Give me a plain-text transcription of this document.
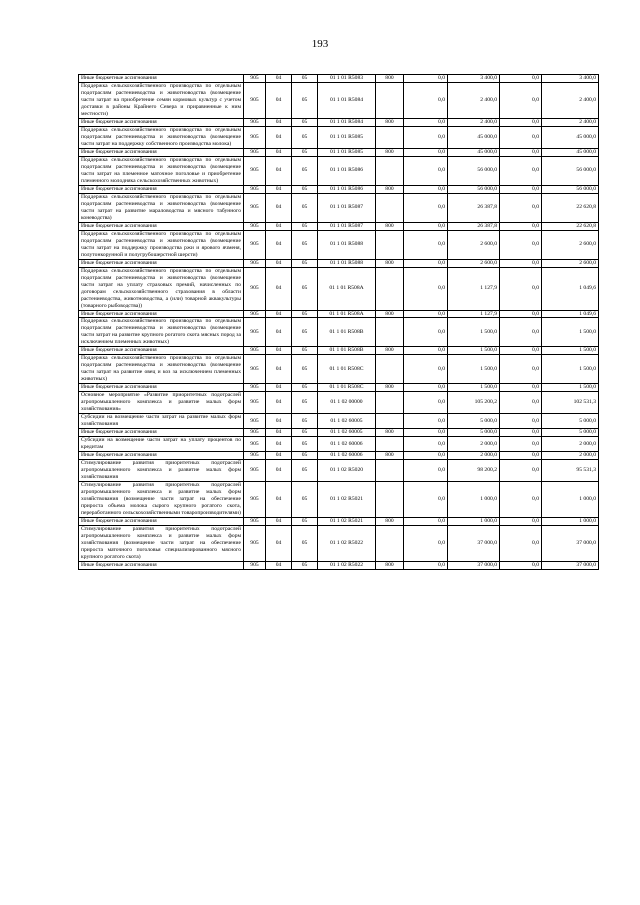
193
Иные бюджетные ассигнования	905	04	05	01 1 01 R5083	800	0,0	3 400,0	0,0	3 400,0
Поддержка сельскохозяйственного производства по отдельным подотраслям растениеводства и животноводства (возмещение части затрат на приобретение семян кормовых культур с учетом доставки в районы Крайнего Севера и приравненные к ним местности)	905	04	05	01 1 01 R5084		0,0	2 400,0	0,0	2 400,0
Иные бюджетные ассигнования	905	04	05	01 1 01 R5084	800	0,0	2 400,0	0,0	2 400,0
Поддержка сельскохозяйственного производства по отдельным подотраслям растениеводства и животноводства (возмещение части затрат на поддержку собственного производства молока)	905	04	05	01 1 01 R5085		0,0	45 000,0	0,0	45 000,0
Иные бюджетные ассигнования	905	04	05	01 1 01 R5085	800	0,0	45 000,0	0,0	45 000,0
Поддержка сельскохозяйственного производства по отдельным подотраслям растениеводства и животноводства (возмещение части затрат на племенное маточное поголовье и приобретение племенного молодняка сельскохозяйственных животных)	905	04	05	01 1 01 R5086		0,0	56 000,0	0,0	56 000,0
Иные бюджетные ассигнования	905	04	05	01 1 01 R5086	800	0,0	56 000,0	0,0	56 000,0
Поддержка сельскохозяйственного производства по отдельным подотраслям растениеводства и животноводства (возмещение части затрат на развитие мараловодства и мясного табунного коневодства)	905	04	05	01 1 01 R5087		0,0	26 387,8	0,0	22 620,8
Иные бюджетные ассигнования	905	04	05	01 1 01 R5087	800	0,0	26 387,8	0,0	22 620,8
Поддержка сельскохозяйственного производства по отдельным подотраслям растениеводства и животноводства (возмещение части затрат на поддержку производства ржи и ярового ячменя, полутонкорунной и полугрубошерстной шерсти)	905	04	05	01 1 01 R5088		0,0	2 600,0	0,0	2 600,0
Иные бюджетные ассигнования	905	04	05	01 1 01 R5088	800	0,0	2 600,0	0,0	2 600,0
Поддержка сельскохозяйственного производства по отдельным подотраслям растениеводства и животноводства (возмещение части затрат на уплату страховых премий, начисленных по договорам сельскохозяйственного страхования в области растениеводства, животноводства, а (или) товарной аквакультуры (товарного рыбоводства))	905	04	05	01 1 01 R508A		0,0	1 127,9	0,0	1 049,6
Иные бюджетные ассигнования	905	04	05	01 1 01 R508A	800	0,0	1 127,9	0,0	1 049,6
Поддержка сельскохозяйственного производства по отдельным подотраслям растениеводства и животноводства (возмещение части затрат на развитие крупного рогатого скота мясных пород за исключением племенных животных)	905	04	05	01 1 01 R508B		0,0	1 500,0	0,0	1 500,0
Иные бюджетные ассигнования	905	04	05	01 1 01 R508B	800	0,0	1 500,0	0,0	1 500,0
Поддержка сельскохозяйственного производства по отдельным подотраслям растениеводства и животноводства (возмещение части затрат на развитие овец и коз за исключением племенных животных)	905	04	05	01 1 01 R508C		0,0	1 500,0	0,0	1 500,0
Иные бюджетные ассигнования	905	04	05	01 1 01 R508C	800	0,0	1 500,0	0,0	1 500,0
Основное мероприятие «Развитие приоритетных подотраслей агропромышленного комплекса и развитие малых форм хозяйствования»	905	04	05	01 1 02 00000		0,0	105 200,2	0,0	102 531,3
Субсидии на возмещение части затрат на развитие малых форм хозяйствования	905	04	05	01 1 02 60005		0,0	5 000,0	0,0	5 000,0
Иные бюджетные ассигнования	905	04	05	01 1 02 60005	800	0,0	5 000,0	0,0	5 000,0
Субсидии на возмещение части затрат на уплату процентов по кредитам	905	04	05	01 1 02 60006		0,0	2 000,0	0,0	2 000,0
Иные бюджетные ассигнования	905	04	05	01 1 02 60006	800	0,0	2 000,0	0,0	2 000,0
Стимулирование развития приоритетных подотраслей агропромышленного комплекса и развитие малых форм хозяйствования	905	04	05	01 1 02 R5020		0,0	98 200,2	0,0	95 531,3
Стимулирование развития приоритетных подотраслей агропромышленного комплекса и развитие малых форм хозяйствования (возмещение части затрат на обеспечение прироста объема молока сырого крупного рогатого скота, переработанного сельскохозяйственными товаропроизводителями)	905	04	05	01 1 02 R5021		0,0	1 000,0	0,0	1 000,0
Иные бюджетные ассигнования	905	04	05	01 1 02 R5021	800	0,0	1 000,0	0,0	1 000,0
Стимулирование развития приоритетных подотраслей агропромышленного комплекса и развитие малых форм хозяйствования (возмещение части затрат на обеспечение прироста маточного поголовья специализированного мясного крупного рогатого скота)	905	04	05	01 1 02 R5022		0,0	37 000,0	0,0	37 000,0
Иные бюджетные ассигнования	905	04	05	01 1 02 R5022	800	0,0	37 000,0	0,0	37 000,0
